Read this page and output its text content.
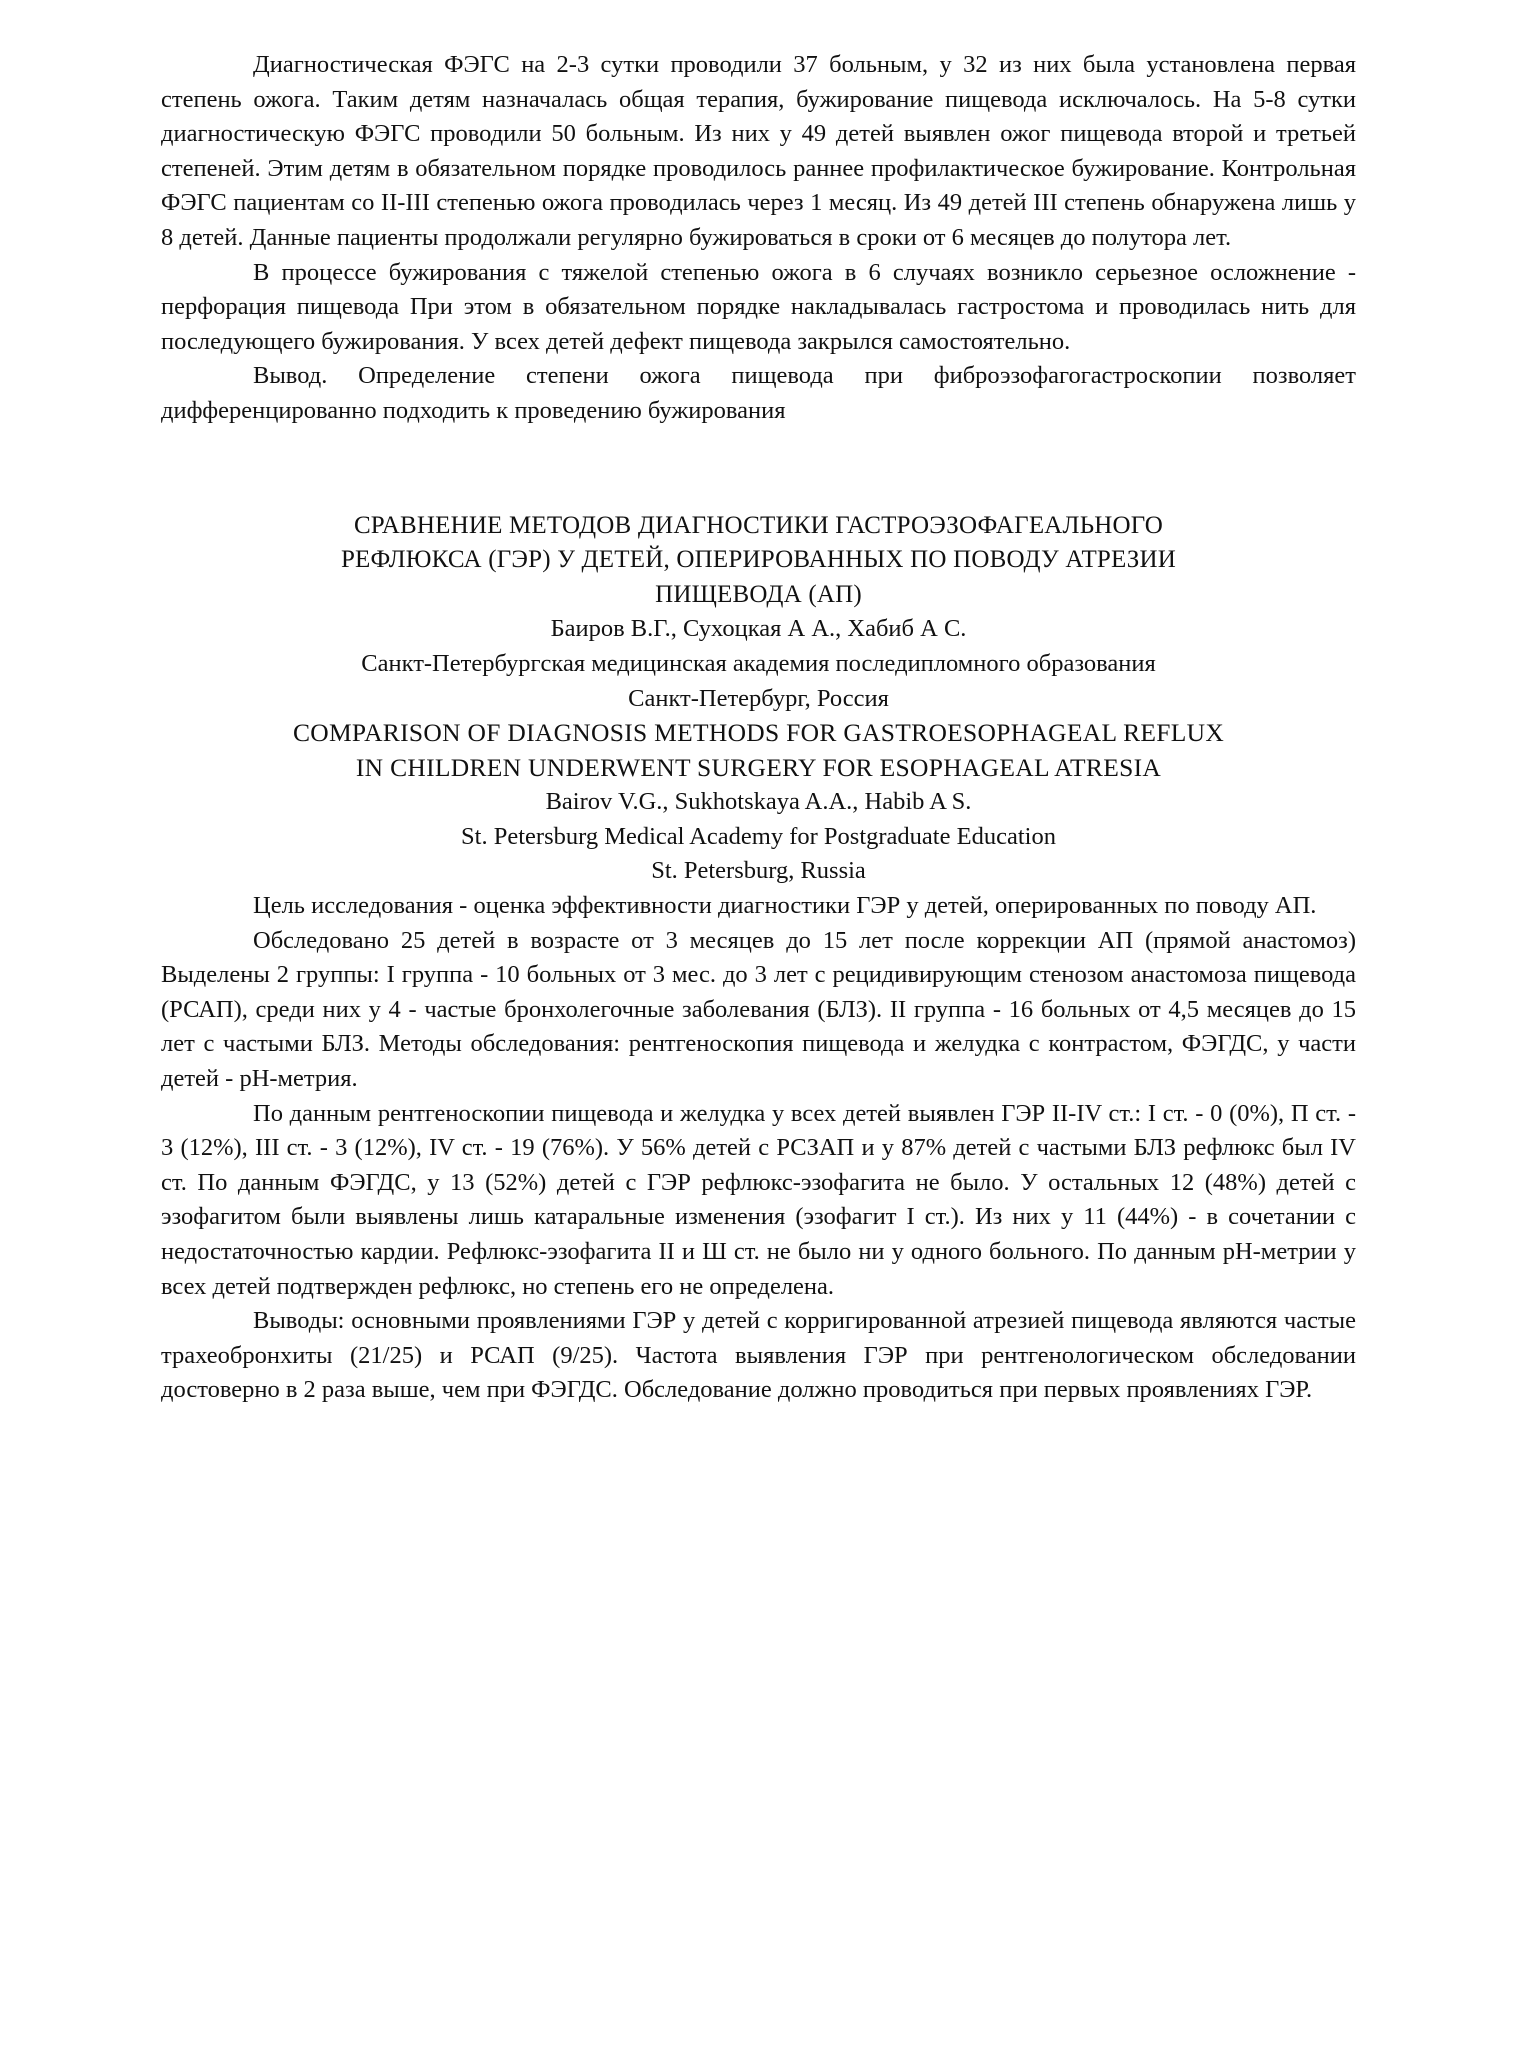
Диагностическая ФЭГС на 2-3 сутки проводили 37 больным, у 32 из них была установлена первая степень ожога. Таким детям назначалась общая терапия, бужирование пищевода исключалось. На 5-8 сутки диагностическую ФЭГС проводили 50 больным. Из них у 49 детей выявлен ожог пищевода второй и третьей степеней. Этим детям в обязательном порядке проводилось раннее профилактическое бужирование. Контрольная ФЭГС пациентам со II-III степенью ожога проводилась через 1 месяц. Из 49 детей III степень обнаружена лишь у 8 детей. Данные пациенты продолжали регулярно бужироваться в сроки от 6 месяцев до полутора лет.

В процессе бужирования с тяжелой степенью ожога в 6 случаях возникло серьезное осложнение - перфорация пищевода При этом в обязательном порядке накладывалась гастростома и проводилась нить для последующего бужирования. У всех детей дефект пищевода закрылся самостоятельно.

Вывод. Определение степени ожога пищевода при фиброэзофагогастроскопии позволяет дифференцированно подходить к проведению бужирования

СРАВНЕНИЕ МЕТОДОВ ДИАГНОСТИКИ ГАСТРОЭЗОФАГЕАЛЬНОГО

РЕФЛЮКСА (ГЭР) У ДЕТЕЙ, ОПЕРИРОВАННЫХ ПО ПОВОДУ АТРЕЗИИ

ПИЩЕВОДА (АП)

Баиров В.Г., Сухоцкая А А., Хабиб А С.

Санкт-Петербургская медицинская академия последипломного образования

Санкт-Петербург, Россия

COMPARISON OF DIAGNOSIS METHODS FOR GASTROESOPHAGEAL REFLUX

IN CHILDREN UNDERWENT SURGERY FOR ESOPHAGEAL ATRESIA

Bairov V.G., Sukhotskaya A.A., Habib A S.

St. Petersburg Medical Academy for Postgraduate Education

St. Petersburg, Russia

Цель исследования - оценка эффективности диагностики ГЭР у детей, оперированных по поводу АП.

Обследовано 25 детей в возрасте от 3 месяцев до 15 лет после коррекции АП (прямой анастомоз) Выделены 2 группы: I группа - 10 больных от 3 мес. до 3 лет с рецидивирующим стенозом анастомоза пищевода (РСАП), среди них у 4 - частые бронхолегочные заболевания (БЛЗ). II группа - 16 больных от 4,5 месяцев до 15 лет с частыми БЛЗ. Методы обследования: рентгеноскопия пищевода и желудка с контрастом, ФЭГДС, у части детей - pH-метрия.

По данным рентгеноскопии пищевода и желудка у всех детей выявлен ГЭР II-IV ст.: I ст. - 0 (0%), П ст. - 3 (12%), III ст. - 3 (12%), IV ст. - 19 (76%). У 56% детей с РСЗАП и у 87% детей с частыми БЛЗ рефлюкс был IV ст. По данным ФЭГДС, у 13 (52%) детей с ГЭР рефлюкс-эзофагита не было. У остальных 12 (48%) детей с эзофагитом были выявлены лишь катаральные изменения (эзофагит I ст.). Из них у 11 (44%) - в сочетании с недостаточностью кардии. Рефлюкс-эзофагита II и Ш ст. не было ни у одного больного. По данным pH-метрии у всех детей подтвержден рефлюкс, но степень его не определена.

Выводы: основными проявлениями ГЭР у детей с корригированной атрезией пищевода являются частые трахеобронхиты (21/25) и РСАП (9/25). Частота выявления ГЭР при рентгенологическом обследовании достоверно в 2 раза выше, чем при ФЭГДС. Обследование должно проводиться при первых проявлениях ГЭР.
